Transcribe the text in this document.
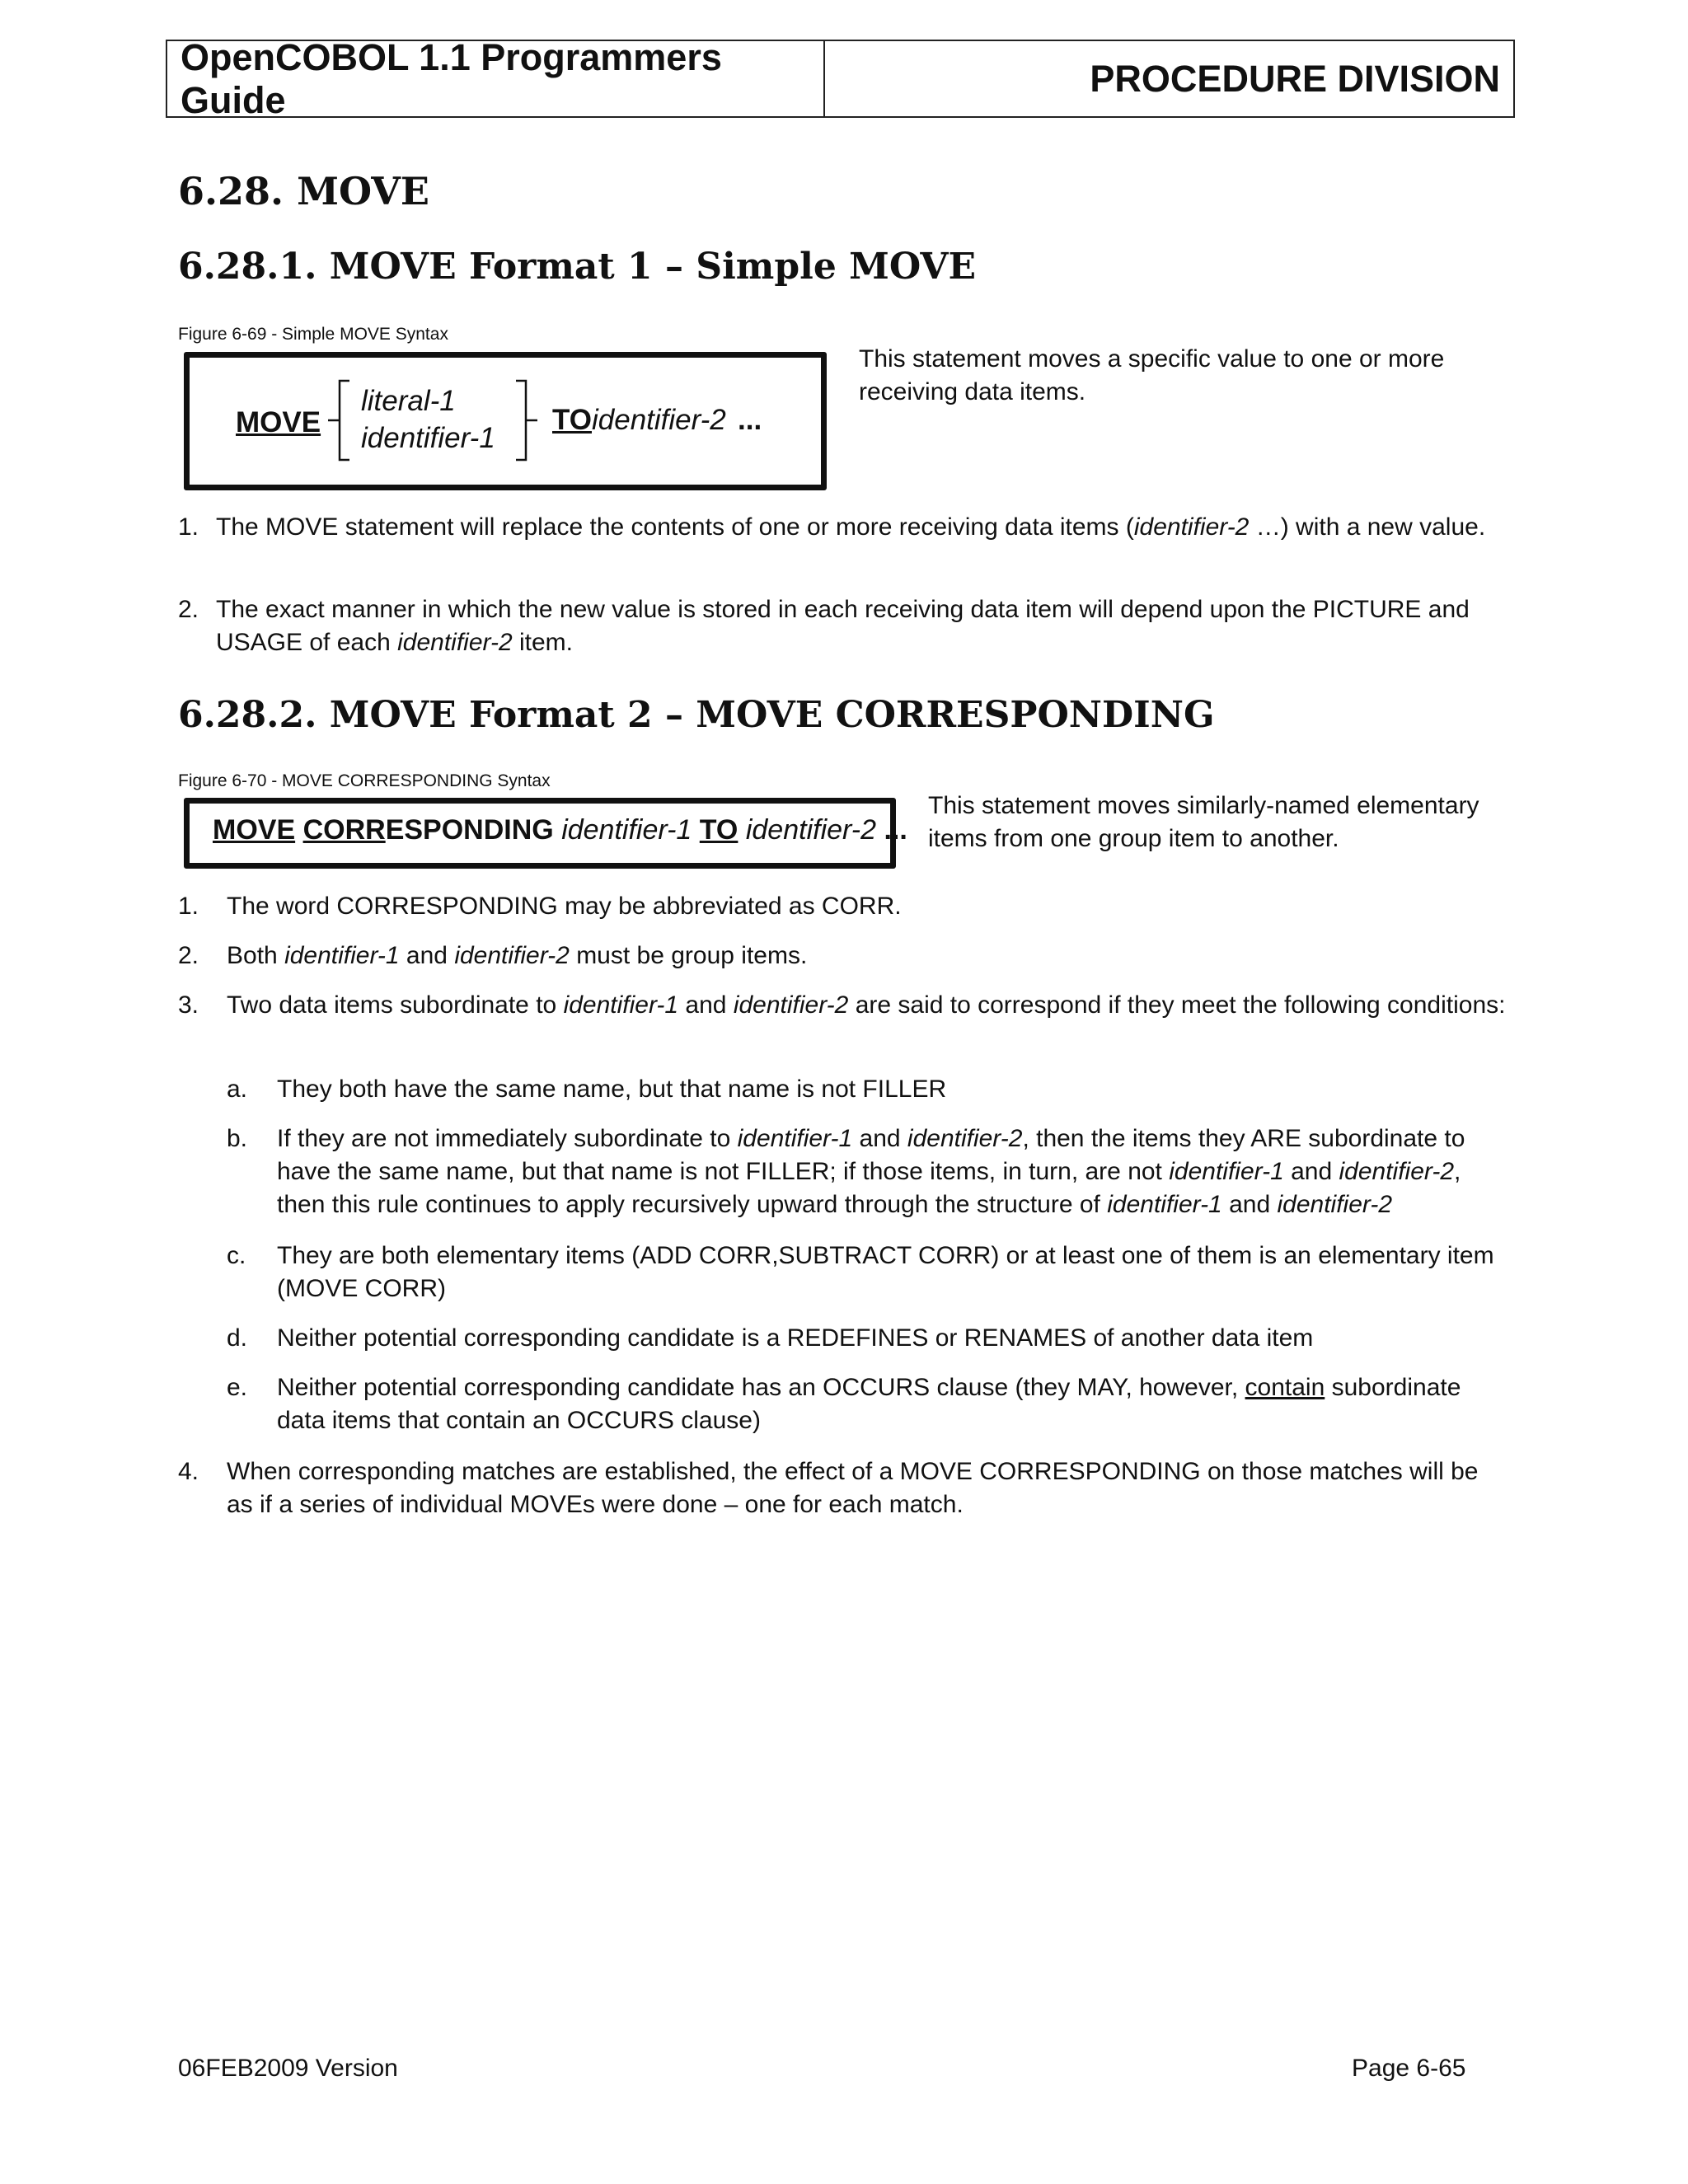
OpenCOBOL 1.1 Programmers Guide
PROCEDURE DIVISION
6.28. MOVE
6.28.1. MOVE Format 1 – Simple MOVE
Figure 6-69 - Simple MOVE Syntax
MOVE
literal-1
identifier-1
TO identifier-2 ...
This statement moves a specific value to one or more receiving data items.
1. The MOVE statement will replace the contents of one or more receiving data items (identifier-2 …) with a new value.
2. The exact manner in which the new value is stored in each receiving data item will depend upon the PICTURE and USAGE of each identifier-2 item.
6.28.2. MOVE Format 2 – MOVE CORRESPONDING
Figure 6-70 - MOVE CORRESPONDING Syntax
MOVE CORRESPONDING identifier-1 TO identifier-2 ...
This statement moves similarly-named elementary items from one group item to another.
1. The word CORRESPONDING may be abbreviated as CORR.
2. Both identifier-1 and identifier-2 must be group items.
3. Two data items subordinate to identifier-1 and identifier-2 are said to correspond if they meet the following conditions:
a. They both have the same name, but that name is not FILLER
b. If they are not immediately subordinate to identifier-1 and identifier-2, then the items they ARE subordinate to have the same name, but that name is not FILLER; if those items, in turn, are not identifier-1 and identifier-2, then this rule continues to apply recursively upward through the structure of identifier-1 and identifier-2
c. They are both elementary items (ADD CORR,SUBTRACT CORR) or at least one of them is an elementary item (MOVE CORR)
d. Neither potential corresponding candidate is a REDEFINES or RENAMES of another data item
e. Neither potential corresponding candidate has an OCCURS clause (they MAY, however, contain subordinate data items that contain an OCCURS clause)
4. When corresponding matches are established, the effect of a MOVE CORRESPONDING on those matches will be as if a series of individual MOVEs were done – one for each match.
06FEB2009 Version	Page 6-65
